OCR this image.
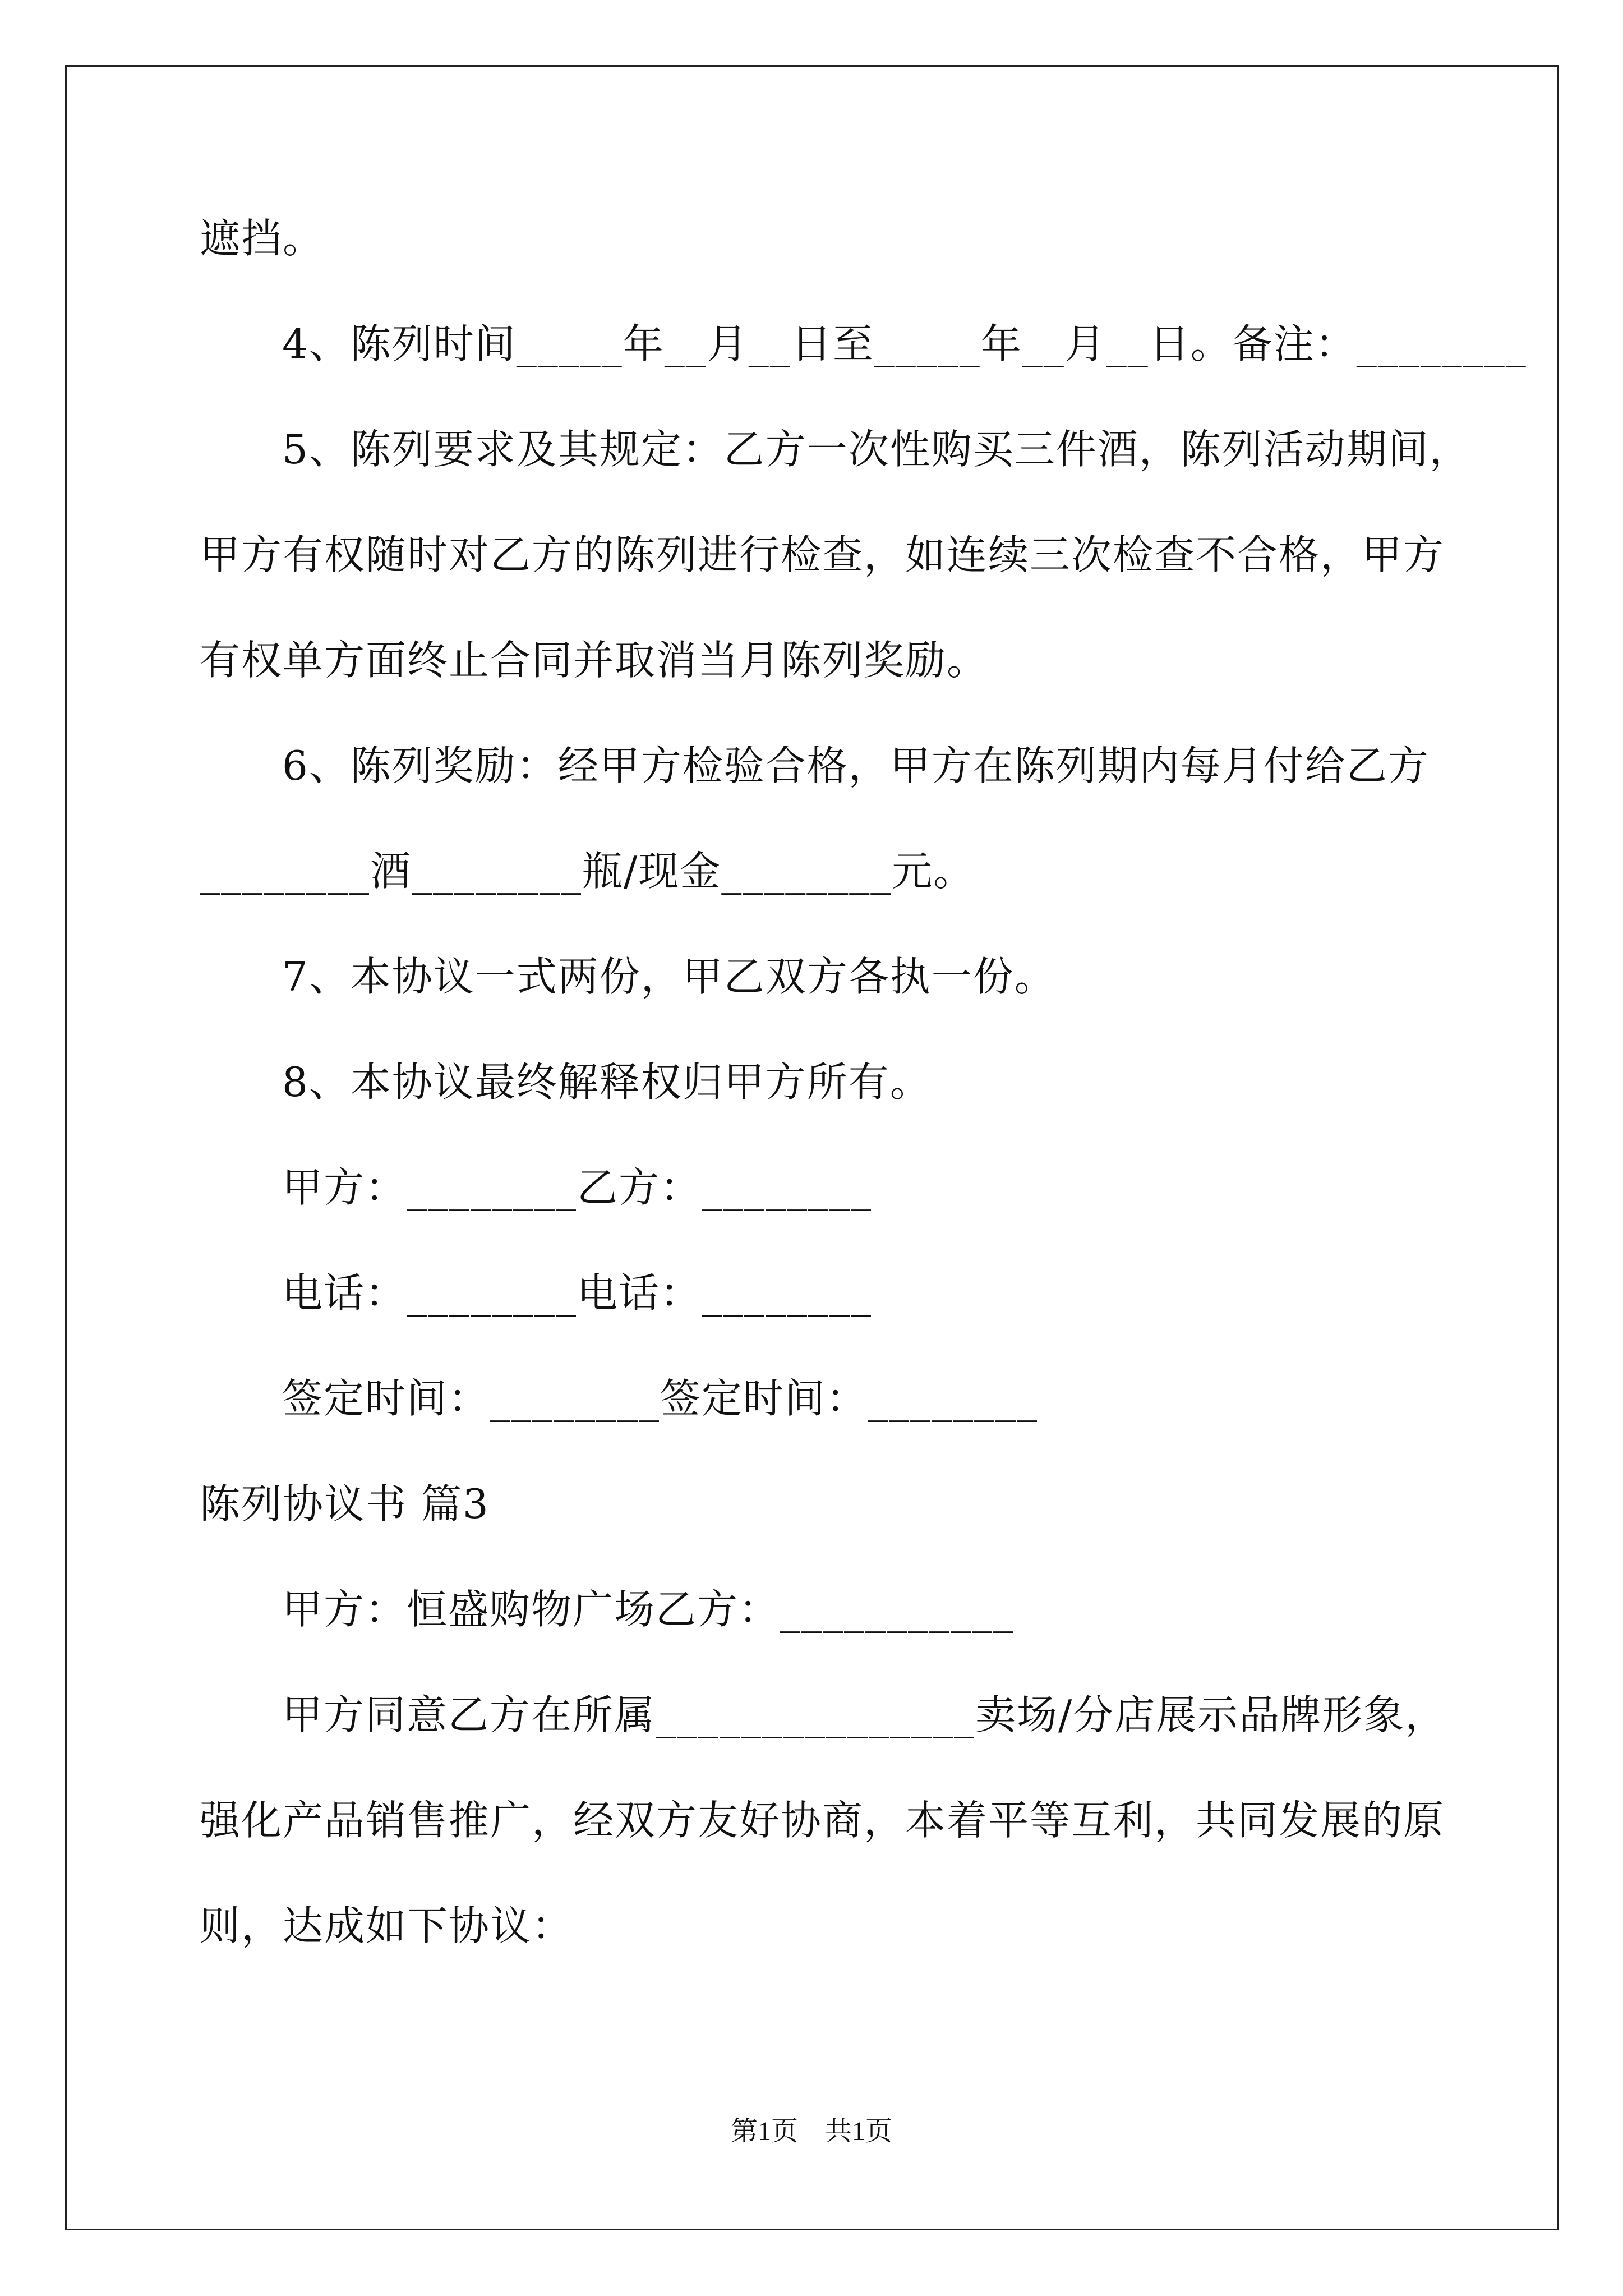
遮挡。
4、陈列时间_____年__月__日至_____年__月__日。备注：________
5、陈列要求及其规定：乙方一次性购买三件酒，陈列活动期间，
甲方有权随时对乙方的陈列进行检查，如连续三次检查不合格，甲方
有权单方面终止合同并取消当月陈列奖励。
6、陈列奖励：经甲方检验合格，甲方在陈列期内每月付给乙方
________酒________瓶/现金________元。
7、本协议一式两份，甲乙双方各执一份。
8、本协议最终解释权归甲方所有。
甲方：________乙方：________
电话：________电话：________
签定时间：________签定时间：________
陈列协议书 篇3
甲方：恒盛购物广场乙方：___________
甲方同意乙方在所属_______________卖场/分店展示品牌形象，
强化产品销售推广，经双方友好协商，本着平等互利，共同发展的原
则，达成如下协议：
第1页　共1页
